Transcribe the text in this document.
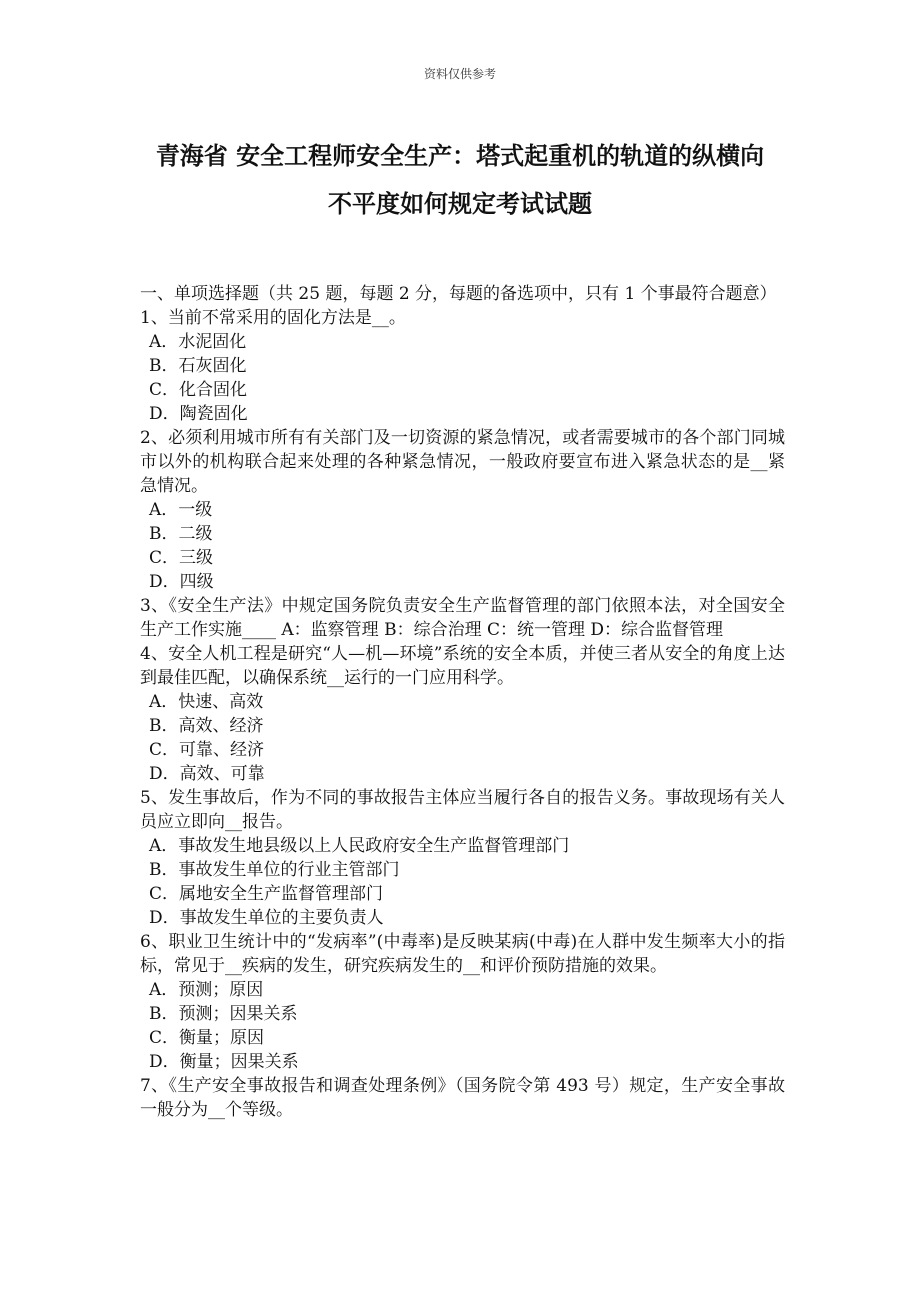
资料仅供参考
青海省 安全工程师安全生产：塔式起重机的轨道的纵横向
不平度如何规定考试试题
一、单项选择题（共 25 题，每题 2 分，每题的备选项中，只有 1 个事最符合题意）
1、当前不常采用的固化方法是__。
A．水泥固化
B．石灰固化
C．化合固化
D．陶瓷固化
2、必须利用城市所有有关部门及一切资源的紧急情况，或者需要城市的各个部门同城市以外的机构联合起来处理的各种紧急情况，一般政府要宣布进入紧急状态的是__紧急情况。
A．一级
B．二级
C．三级
D．四级
3、《安全生产法》中规定国务院负责安全生产监督管理的部门依照本法，对全国安全生产工作实施____ A：监察管理 B：综合治理 C：统一管理 D：综合监督管理
4、安全人机工程是研究“人—机—环境”系统的安全本质，并使三者从安全的角度上达到最佳匹配，以确保系统__运行的一门应用科学。
A．快速、高效
B．高效、经济
C．可靠、经济
D．高效、可靠
5、发生事故后，作为不同的事故报告主体应当履行各自的报告义务。事故现场有关人员应立即向__报告。
A．事故发生地县级以上人民政府安全生产监督管理部门
B．事故发生单位的行业主管部门
C．属地安全生产监督管理部门
D．事故发生单位的主要负责人
6、职业卫生统计中的“发病率”(中毒率)是反映某病(中毒)在人群中发生频率大小的指标，常见于__疾病的发生，研究疾病发生的__和评价预防措施的效果。
A．预测；原因
B．预测；因果关系
C．衡量；原因
D．衡量；因果关系
7、《生产安全事故报告和调查处理条例》（国务院令第 493 号）规定，生产安全事故一般分为__个等级。
